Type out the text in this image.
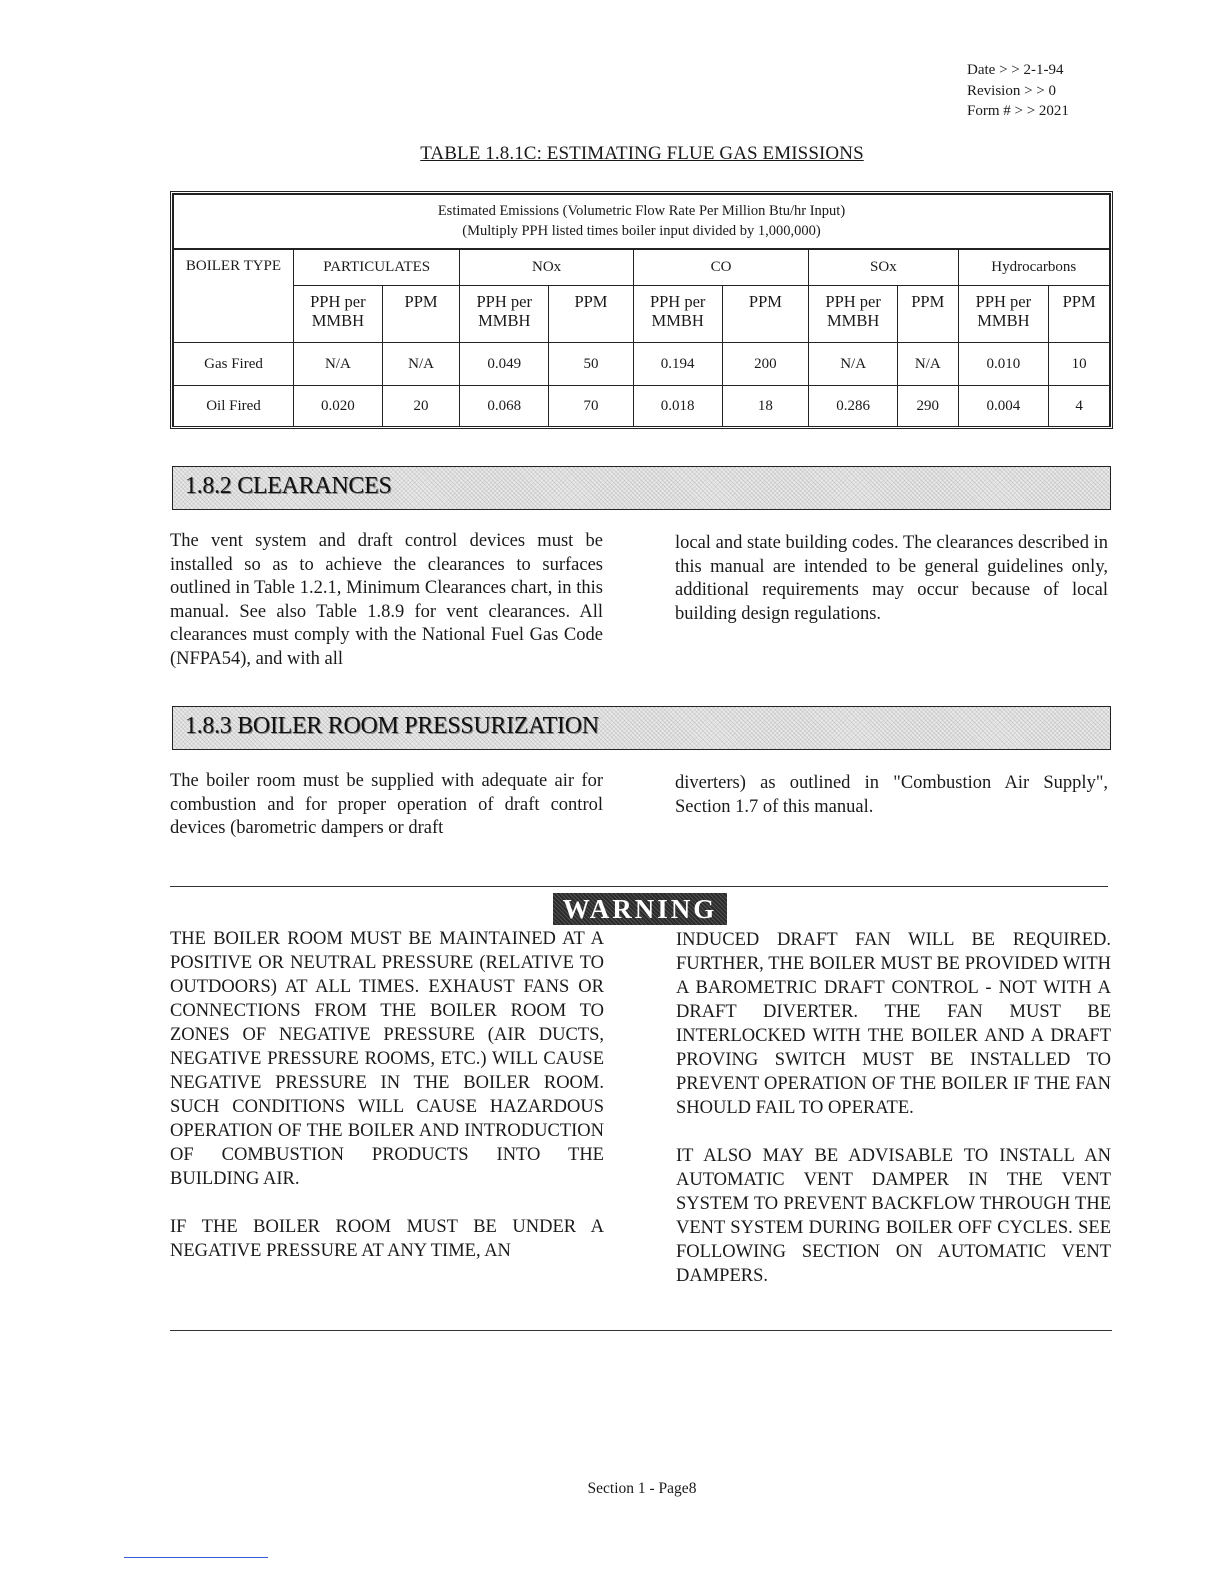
Date > > 2-1-94
Revision > > 0
Form # > > 2021
TABLE 1.8.1C: ESTIMATING FLUE GAS EMISSIONS
Estimated Emissions (Volumetric Flow Rate Per Million Btu/hr Input)
(Multiply PPH listed times boiler input divided by 1,000,000)										

BOILER TYPE	PARTICULATES		NOx		CO		SOx		Hydrocarbons	
	PPH per MMBH	PPM	PPH per MMBH	PPM	PPH per MMBH	PPM	PPH per MMBH	PPM	PPH per MMBH	PPM
Gas Fired	N/A	N/A	0.049	50	0.194	200	N/A	N/A	0.010	10
Oil Fired	0.020	20	0.068	70	0.018	18	0.286	290	0.004	4
1.8.2 CLEARANCES
The vent system and draft control devices must be installed so as to achieve the clearances to surfaces outlined in Table 1.2.1, Minimum Clearances chart, in this manual. See also Table 1.8.9 for vent clearances. All clearances must comply with the National Fuel Gas Code (NFPA54), and with all
local and state building codes. The clearances described in this manual are intended to be general guidelines only, additional requirements may occur because of local building design regulations.
1.8.3 BOILER ROOM PRESSURIZATION
The boiler room must be supplied with adequate air for combustion and for proper operation of draft control devices (barometric dampers or draft
diverters) as outlined in "Combustion Air Supply", Section 1.7 of this manual.
WARNING

THE BOILER ROOM MUST BE MAINTAINED AT A POSITIVE OR NEUTRAL PRESSURE (RELATIVE TO OUTDOORS) AT ALL TIMES. EXHAUST FANS OR CONNECTIONS FROM THE BOILER ROOM TO ZONES OF NEGATIVE PRESSURE (AIR DUCTS, NEGATIVE PRESSURE ROOMS, ETC.) WILL CAUSE NEGATIVE PRESSURE IN THE BOILER ROOM. SUCH CONDITIONS WILL CAUSE HAZARDOUS OPERATION OF THE BOILER AND INTRODUCTION OF COMBUSTION PRODUCTS INTO THE BUILDING AIR.

IF THE BOILER ROOM MUST BE UNDER A NEGATIVE PRESSURE AT ANY TIME, AN

INDUCED DRAFT FAN WILL BE REQUIRED. FURTHER, THE BOILER MUST BE PROVIDED WITH A BAROMETRIC DRAFT CONTROL - NOT WITH A DRAFT DIVERTER. THE FAN MUST BE INTERLOCKED WITH THE BOILER AND A DRAFT PROVING SWITCH MUST BE INSTALLED TO PREVENT OPERATION OF THE BOILER IF THE FAN SHOULD FAIL TO OPERATE.

IT ALSO MAY BE ADVISABLE TO INSTALL AN AUTOMATIC VENT DAMPER IN THE VENT SYSTEM TO PREVENT BACKFLOW THROUGH THE VENT SYSTEM DURING BOILER OFF CYCLES. SEE FOLLOWING SECTION ON AUTOMATIC VENT DAMPERS.

Section 1 - Page8
